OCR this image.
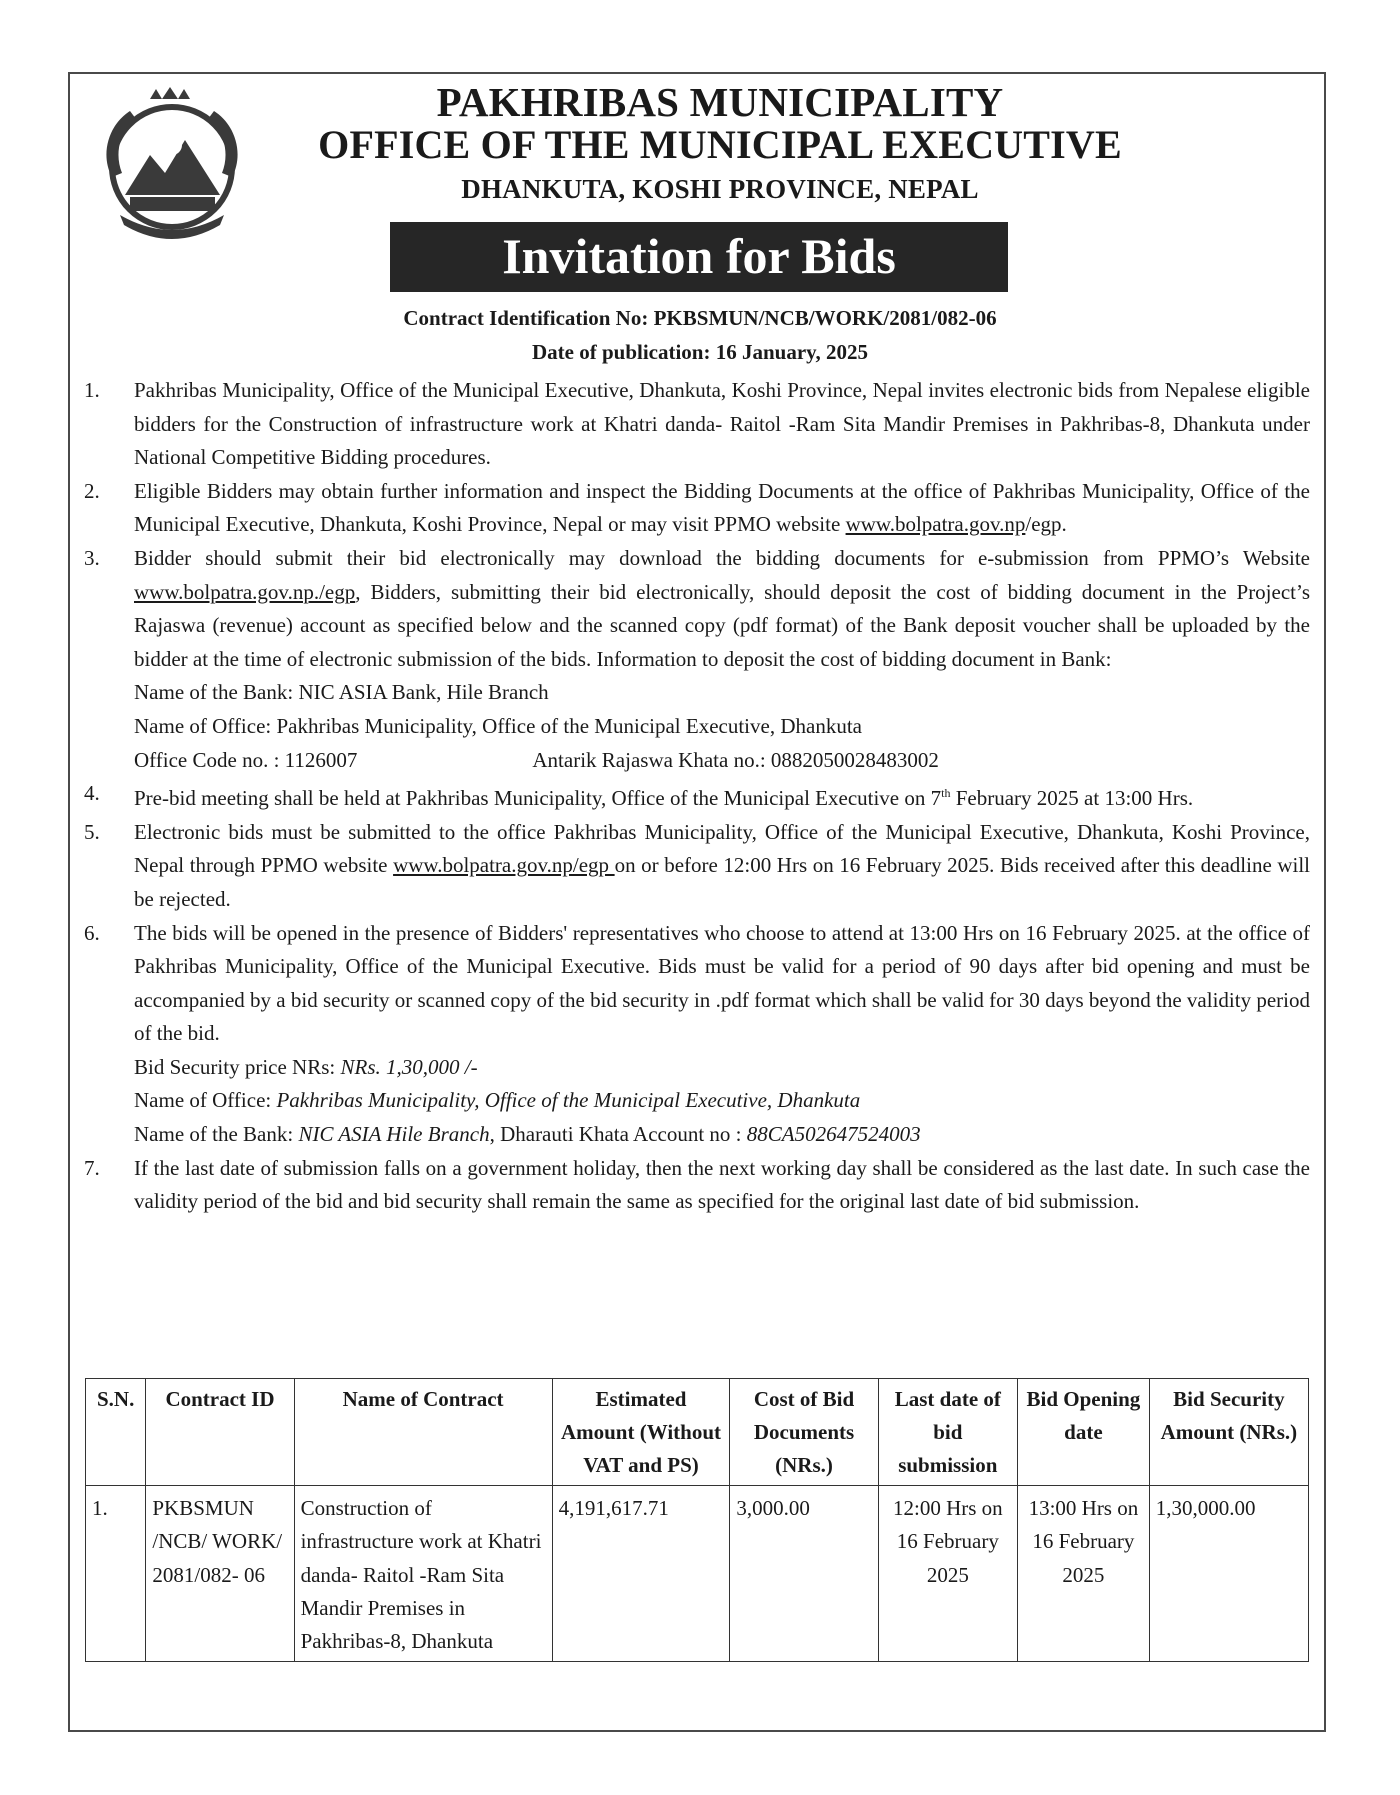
PAKHRIBAS MUNICIPALITY
OFFICE OF THE MUNICIPAL EXECUTIVE
DHANKUTA, KOSHI PROVINCE, NEPAL
Invitation for Bids
Contract Identification No: PKBSMUN/NCB/WORK/2081/082-06
Date of publication: 16 January, 2025
1. Pakhribas Municipality, Office of the Municipal Executive, Dhankuta, Koshi Province, Nepal invites electronic bids from Nepalese eligible bidders for the Construction of infrastructure work at Khatri danda- Raitol -Ram Sita Mandir Premises in Pakhribas-8, Dhankuta under National Competitive Bidding procedures.
2. Eligible Bidders may obtain further information and inspect the Bidding Documents at the office of Pakhribas Municipality, Office of the Municipal Executive, Dhankuta, Koshi Province, Nepal or may visit PPMO website www.bolpatra.gov.np/egp.
3. Bidder should submit their bid electronically may download the bidding documents for e-submission from PPMO’s Website www.bolpatra.gov.np./egp, Bidders, submitting their bid electronically, should deposit the cost of bidding document in the Project’s Rajaswa (revenue) account as specified below and the scanned copy (pdf format) of the Bank deposit voucher shall be uploaded by the bidder at the time of electronic submission of the bids. Information to deposit the cost of bidding document in Bank:
Name of the Bank: NIC ASIA Bank, Hile Branch
Name of Office: Pakhribas Municipality, Office of the Municipal Executive, Dhankuta
Office Code no. : 1126007	Antarik Rajaswa Khata no.: 0882050028483002
4. Pre-bid meeting shall be held at Pakhribas Municipality, Office of the Municipal Executive on 7th February 2025 at 13:00 Hrs.
5. Electronic bids must be submitted to the office Pakhribas Municipality, Office of the Municipal Executive, Dhankuta, Koshi Province, Nepal through PPMO website www.bolpatra.gov.np/egp on or before 12:00 Hrs on 16 February 2025. Bids received after this deadline will be rejected.
6. The bids will be opened in the presence of Bidders' representatives who choose to attend at 13:00 Hrs on 16 February 2025. at the office of Pakhribas Municipality, Office of the Municipal Executive. Bids must be valid for a period of 90 days after bid opening and must be accompanied by a bid security or scanned copy of the bid security in .pdf format which shall be valid for 30 days beyond the validity period of the bid.
Bid Security price NRs: NRs. 1,30,000 /-
Name of Office: Pakhribas Municipality, Office of the Municipal Executive, Dhankuta
Name of the Bank: NIC ASIA Hile Branch, Dharauti Khata Account no : 88CA502647524003
7. If the last date of submission falls on a government holiday, then the next working day shall be considered as the last date. In such case the validity period of the bid and bid security shall remain the same as specified for the original last date of bid submission.
S.N.	Contract ID	Name of Contract	Estimated Amount (Without VAT and PS)	Cost of Bid Documents (NRs.)	Last date of bid submission	Bid Opening date	Bid Security Amount (NRs.)
1.	PKBSMUN /NCB/ WORK/ 2081/082- 06	Construction of infrastructure work at Khatri danda- Raitol -Ram Sita Mandir Premises in Pakhribas-8, Dhankuta	4,191,617.71	3,000.00	12:00 Hrs on 16 February 2025	13:00 Hrs on 16 February 2025	1,30,000.00
